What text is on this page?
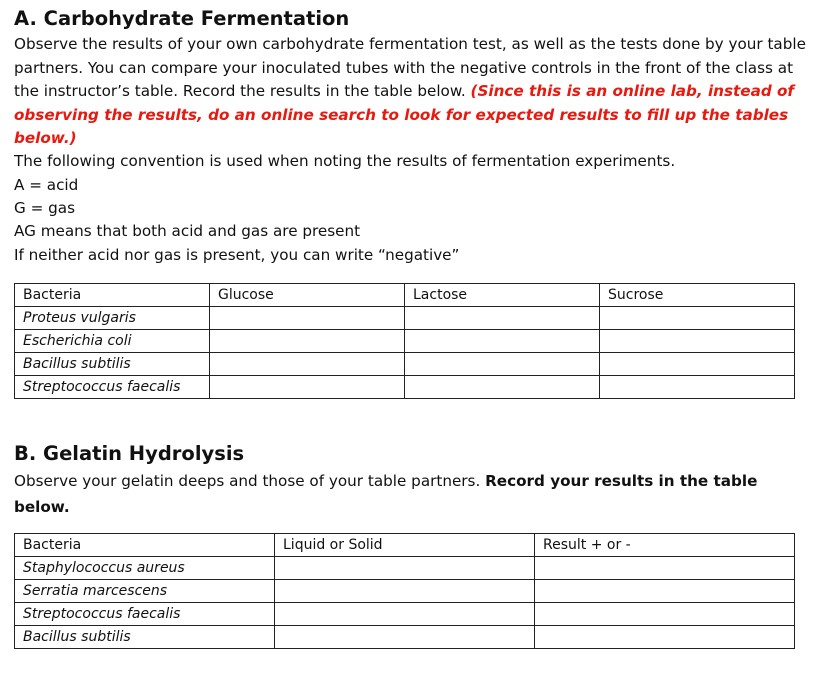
A. Carbohydrate Fermentation

Observe the results of your own carbohydrate fermentation test, as well as the tests done by your table partners. You can compare your inoculated tubes with the negative controls in the front of the class at the instructor’s table. Record the results in the table below. (Since this is an online lab, instead of observing the results, do an online search to look for expected results to fill up the tables below.)

The following convention is used when noting the results of fermentation experiments.

A = acid

G = gas

AG means that both acid and gas are present

If neither acid nor gas is present, you can write “negative”

Bacteria	Glucose	Lactose	Sucrose
Proteus vulgaris			
Escherichia coli			
Bacillus subtilis			
Streptococcus faecalis			
B. Gelatin Hydrolysis

Observe your gelatin deeps and those of your table partners. Record your results in the table below.

Bacteria	Liquid or Solid	Result + or -
Staphylococcus aureus		
Serratia marcescens		
Streptococcus faecalis		
Bacillus subtilis		
